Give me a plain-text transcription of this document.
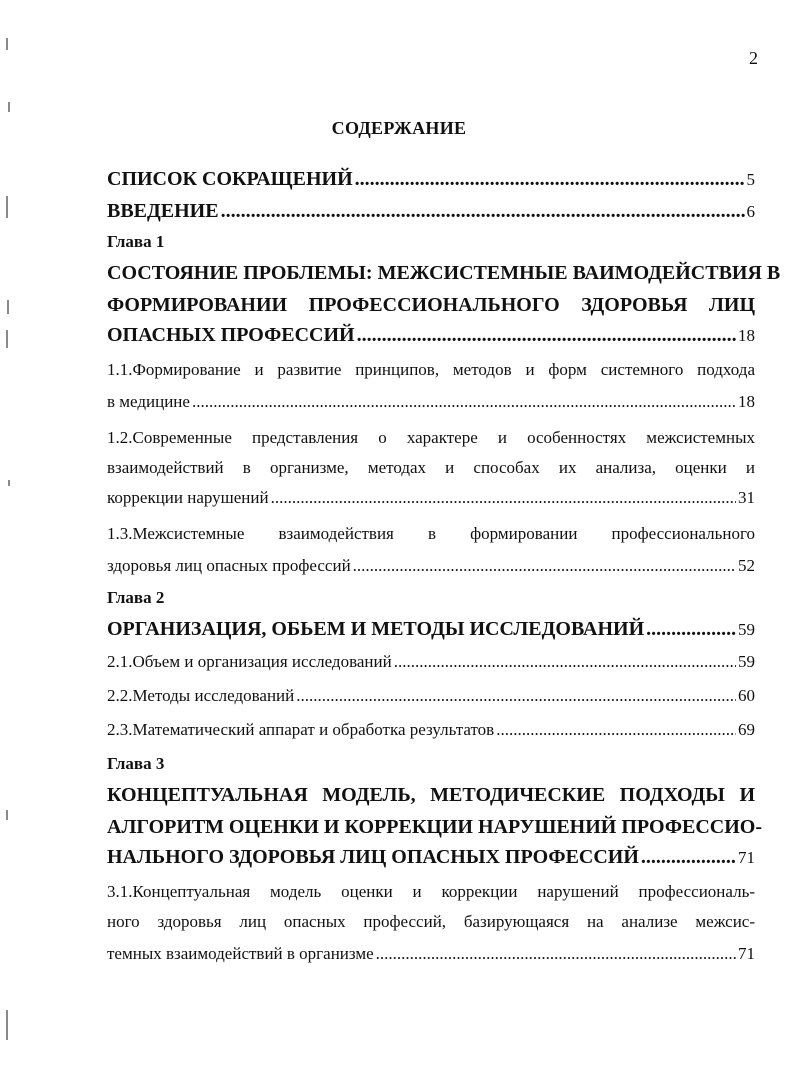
2
СОДЕРЖАНИЕ
СПИСОК СОКРАЩЕНИЙ .....	5
ВВЕДЕНИЕ .....	6
Глава 1
СОСТОЯНИЕ ПРОБЛЕМЫ: МЕЖСИСТЕМНЫЕ ВАИМОДЕЙСТВИЯ В
ФОРМИРОВАНИИ ПРОФЕССИОНАЛЬНОГО ЗДОРОВЬЯ ЛИЦ
ОПАСНЫХ ПРОФЕССИЙ .....	18
1.1.Формирование и развитие принципов, методов и форм системного подхода
в медицине .....	18
1.2.Современные представления о характере и особенностях межсистемных
взаимодействий в организме, методах и способах их анализа, оценки и
коррекции нарушений .....	31
1.3.Межсистемные взаимодействия в формировании профессионального
здоровья лиц опасных профессий .....	52
Глава 2
ОРГАНИЗАЦИЯ, ОБЬЕМ И МЕТОДЫ ИССЛЕДОВАНИЙ .....	59
2.1.Объем и организация исследований .....	59
2.2.Методы исследований .....	60
2.3.Математический аппарат и обработка результатов .....	69
Глава 3
КОНЦЕПТУАЛЬНАЯ МОДЕЛЬ, МЕТОДИЧЕСКИЕ ПОДХОДЫ И
АЛГОРИТМ ОЦЕНКИ И КОРРЕКЦИИ НАРУШЕНИЙ ПРОФЕССИО-
НАЛЬНОГО ЗДОРОВЬЯ ЛИЦ ОПАСНЫХ ПРОФЕССИЙ .....	71
3.1.Концептуальная модель оценки и коррекции нарушений профессиональ-
ного здоровья лиц опасных профессий, базирующаяся на анализе межсис-
темных взаимодействий в организме .....	71
